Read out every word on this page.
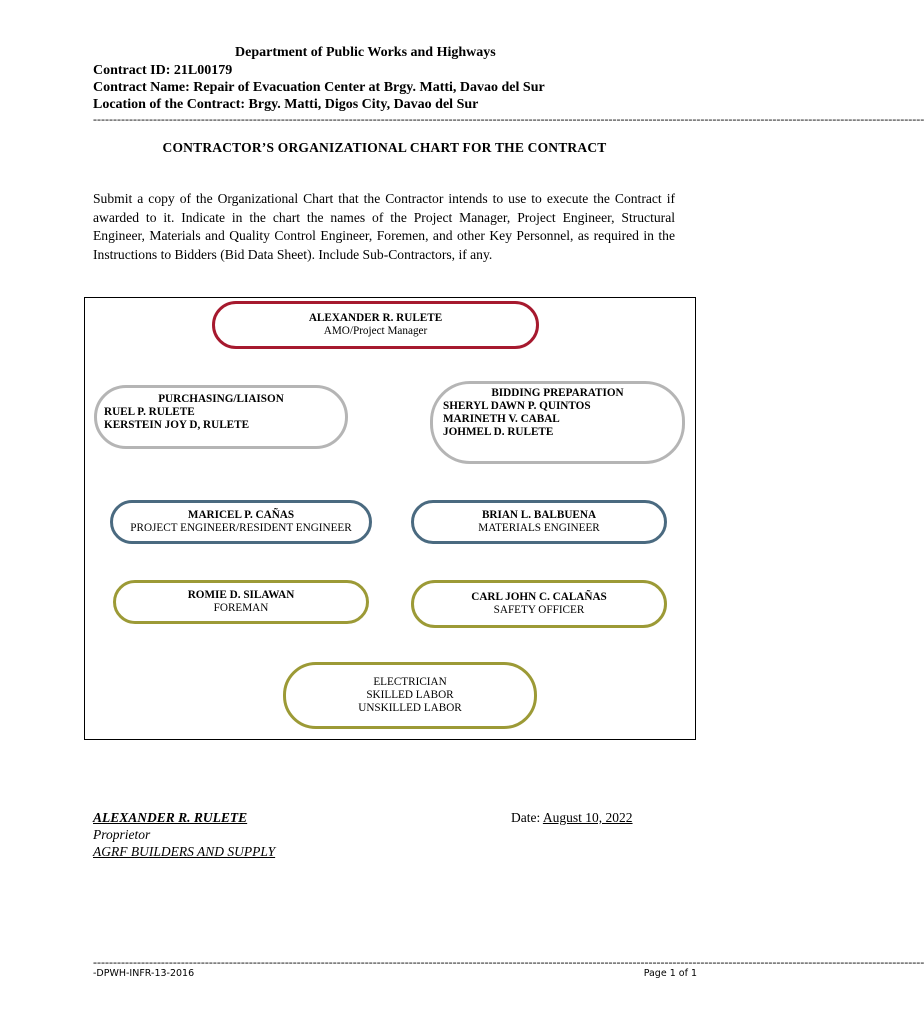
Department of Public Works and Highways
Contract ID: 21L00179
Contract Name: Repair of Evacuation Center at Brgy. Matti, Davao del Sur
Location of the Contract: Brgy. Matti, Digos City, Davao del Sur
----------------------------------------------------------------------------------------------------------------------------------------------------------------------------------------------------------------
CONTRACTOR’S ORGANIZATIONAL CHART FOR THE CONTRACT
Submit a copy of the Organizational Chart that the Contractor intends to use to execute the Contract if awarded to it. Indicate in the chart the names of the Project Manager, Project Engineer, Structural Engineer, Materials and Quality Control Engineer, Foremen, and other Key Personnel, as required in the Instructions to Bidders (Bid Data Sheet). Include Sub-Contractors, if any.
ALEXANDER R. RULETE
AMO/Project Manager
PURCHASING/LIAISON
RUEL P. RULETE
KERSTEIN JOY D, RULETE
BIDDING PREPARATION
SHERYL DAWN P. QUINTOS
MARINETH V. CABAL
JOHMEL D. RULETE
MARICEL P. CAÑAS
PROJECT ENGINEER/RESIDENT ENGINEER
BRIAN L. BALBUENA
MATERIALS ENGINEER
ROMIE D. SILAWAN
FOREMAN
CARL JOHN C. CALAÑAS
SAFETY OFFICER
ELECTRICIAN
SKILLED LABOR
UNSKILLED LABOR
ALEXANDER R. RULETE
Proprietor
AGRF BUILDERS AND SUPPLY
Date: August 10, 2022
----------------------------------------------------------------------------------------------------------------------------------------------------------------------------------------------------------------
-DPWH-INFR-13-2016	Page 1 of 1
